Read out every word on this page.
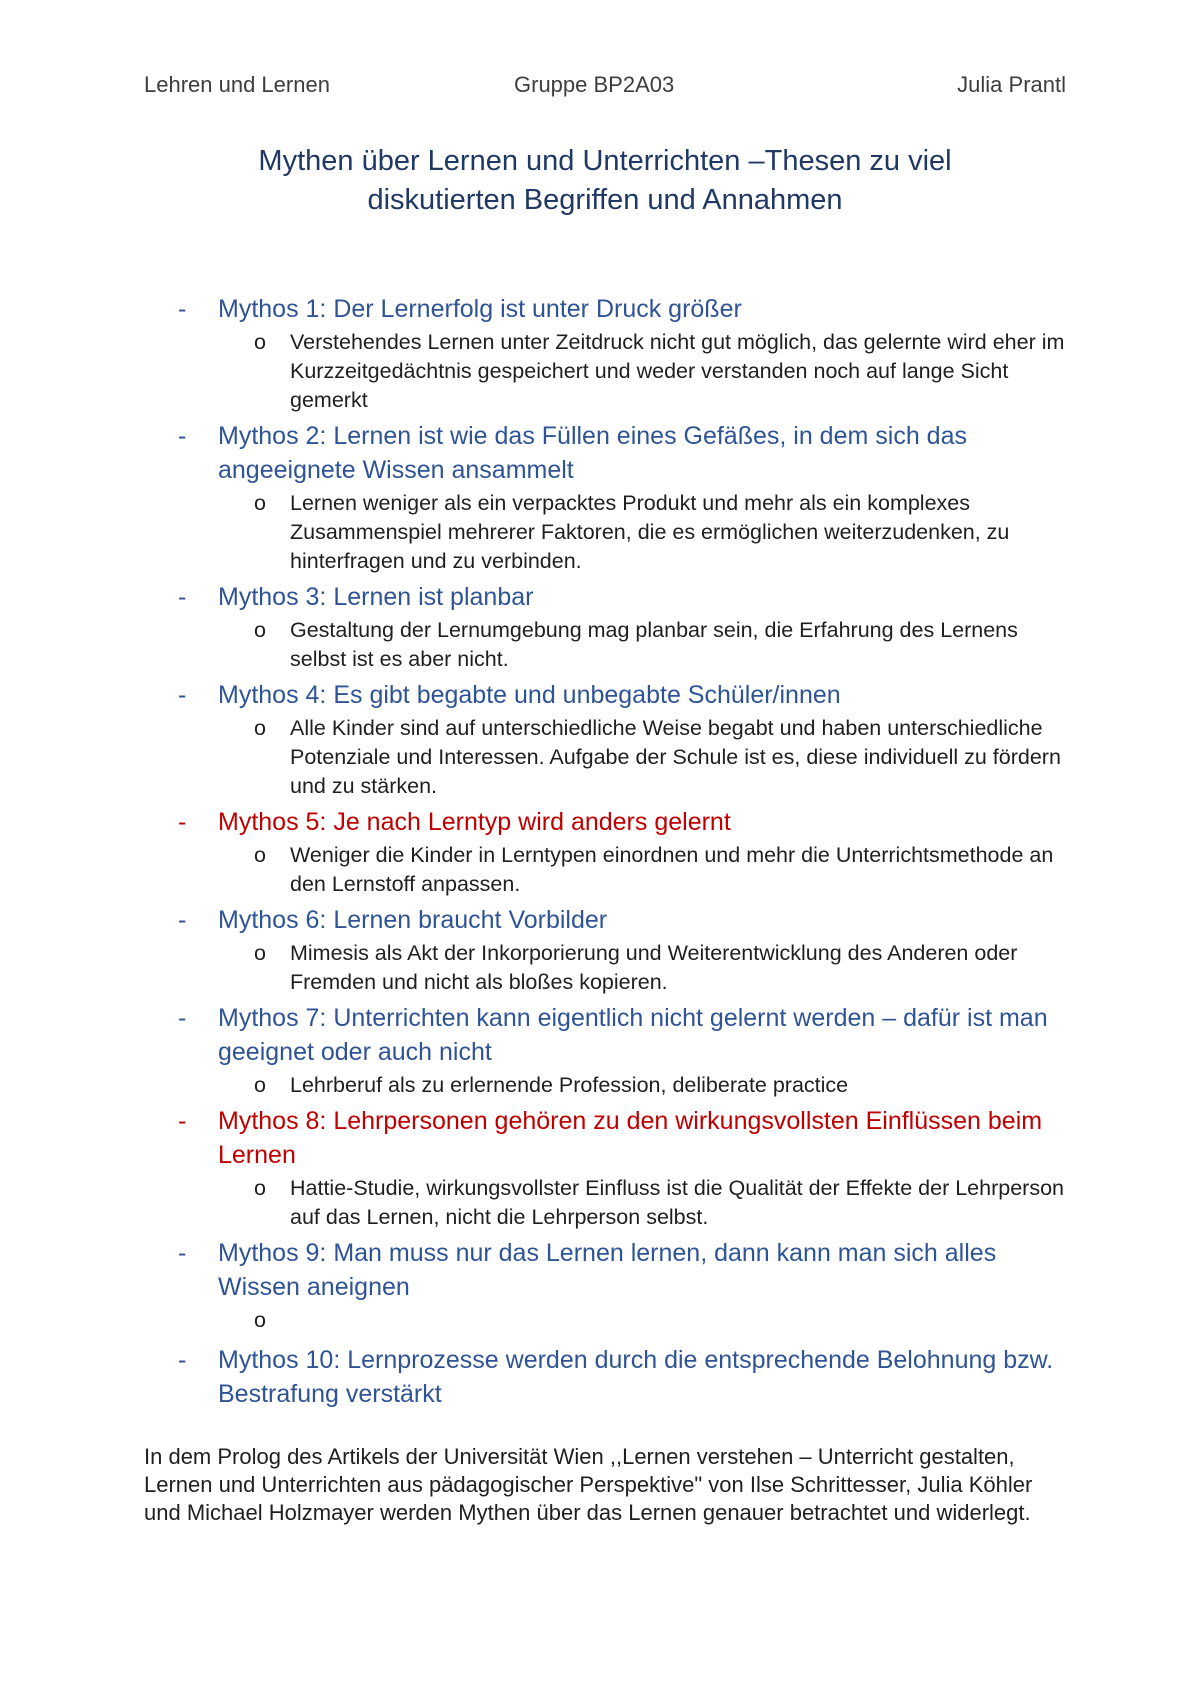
Lehren und Lernen	Gruppe BP2A03	Julia Prantl
Mythen über Lernen und Unterrichten –Thesen zu viel
diskutierten Begriffen und Annahmen
- Mythos 1: Der Lernerfolg ist unter Druck größer
o Verstehendes Lernen unter Zeitdruck nicht gut möglich, das gelernte wird eher im Kurzzeitgedächtnis gespeichert und weder verstanden noch auf lange Sicht gemerkt
- Mythos 2: Lernen ist wie das Füllen eines Gefäßes, in dem sich das angeeignete Wissen ansammelt
o Lernen weniger als ein verpacktes Produkt und mehr als ein komplexes Zusammenspiel mehrerer Faktoren, die es ermöglichen weiterzudenken, zu hinterfragen und zu verbinden.
- Mythos 3: Lernen ist planbar
o Gestaltung der Lernumgebung mag planbar sein, die Erfahrung des Lernens selbst ist es aber nicht.
- Mythos 4: Es gibt begabte und unbegabte Schüler/innen
o Alle Kinder sind auf unterschiedliche Weise begabt und haben unterschiedliche Potenziale und Interessen. Aufgabe der Schule ist es, diese individuell zu fördern und zu stärken.
- Mythos 5: Je nach Lerntyp wird anders gelernt
o Weniger die Kinder in Lerntypen einordnen und mehr die Unterrichtsmethode an den Lernstoff anpassen.
- Mythos 6: Lernen braucht Vorbilder
o Mimesis als Akt der Inkorporierung und Weiterentwicklung des Anderen oder Fremden und nicht als bloßes kopieren.
- Mythos 7: Unterrichten kann eigentlich nicht gelernt werden – dafür ist man geeignet oder auch nicht
o Lehrberuf als zu erlernende Profession, deliberate practice
- Mythos 8: Lehrpersonen gehören zu den wirkungsvollsten Einflüssen beim Lernen
o Hattie-Studie, wirkungsvollster Einfluss ist die Qualität der Effekte der Lehrperson auf das Lernen, nicht die Lehrperson selbst.
- Mythos 9: Man muss nur das Lernen lernen, dann kann man sich alles Wissen aneignen
o
- Mythos 10: Lernprozesse werden durch die entsprechende Belohnung bzw. Bestrafung verstärkt
In dem Prolog des Artikels der Universität Wien ,,Lernen verstehen – Unterricht gestalten, Lernen und Unterrichten aus pädagogischer Perspektive" von Ilse Schrittesser, Julia Köhler und Michael Holzmayer werden Mythen über das Lernen genauer betrachtet und widerlegt.
